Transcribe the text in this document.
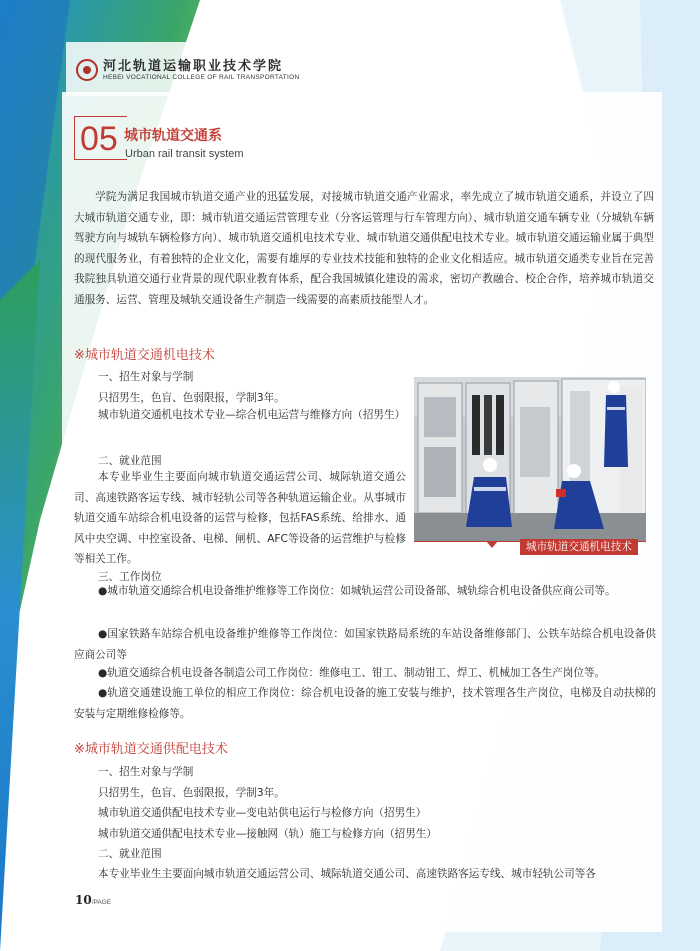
河北轨道运输职业技术学院
HEBEI VOCATIONAL COLLEGE OF RAIL TRANSPORTATION
05 城市轨道交通系
Urban rail transit system

学院为满足我国城市轨道交通产业的迅猛发展，对接城市轨道交通产业需求，率先成立了城市轨道交通系，并设立了四大城市轨道交通专业，即：城市轨道交通运营管理专业（分客运管理与行车管理方向）、城市轨道交通车辆专业（分城轨车辆驾驶方向与城轨车辆检修方向）、城市轨道交通机电技术专业、城市轨道交通供配电技术专业。城市轨道交通运输业属于典型的现代服务业，有着独特的企业文化，需要有雄厚的专业技术技能和独特的企业文化相适应。城市轨道交通类专业旨在完善我院独具轨道交通行业背景的现代职业教育体系，配合我国城镇化建设的需求，密切产教融合、校企合作，培养城市轨道交通服务、运营、管理及城轨交通设备生产制造一线需要的高素质技能型人才。

※城市轨道交通机电技术
一、招生对象与学制
只招男生，色盲、色弱限报，学制3年。

城市轨道交通机电技术专业—综合机电运营与维修方向（招男生）

二、就业范围

本专业毕业生主要面向城市轨道交通运营公司、城际轨道交通公司、高速铁路客运专线、城市轻轨公司等各种轨道运输企业。从事城市轨道交通车站综合机电设备的运营与检修，包括FAS系统、给排水、通风中央空调、中控室设备、电梯、闸机、AFC等设备的运营维护与检修等相关工作。

城市轨道交通机电技术
三、工作岗位

●城市轨道交通综合机电设备维护维修等工作岗位：如城轨运营公司设备部、城轨综合机电设备供应商公司等。

●国家铁路车站综合机电设备维护维修等工作岗位：如国家铁路局系统的车站设备维修部门、公铁车站综合机电设备供应商公司等

●轨道交通综合机电设备各制造公司工作岗位：维修电工、钳工、制动钳工、焊工、机械加工各生产岗位等。

●轨道交通建设施工单位的相应工作岗位：综合机电设备的施工安装与维护，技术管理各生产岗位，电梯及自动扶梯的安装与定期维修检修等。

※城市轨道交通供配电技术
一、招生对象与学制
只招男生，色盲、色弱限报，学制3年。
城市轨道交通供配电技术专业—变电站供电运行与检修方向（招男生）
城市轨道交通供配电技术专业—接触网（轨）施工与检修方向（招男生）
二、就业范围
本专业毕业生主要面向城市轨道交通运营公司、城际轨道交通公司、高速铁路客运专线、城市轻轨公司等各
10/PAGE
